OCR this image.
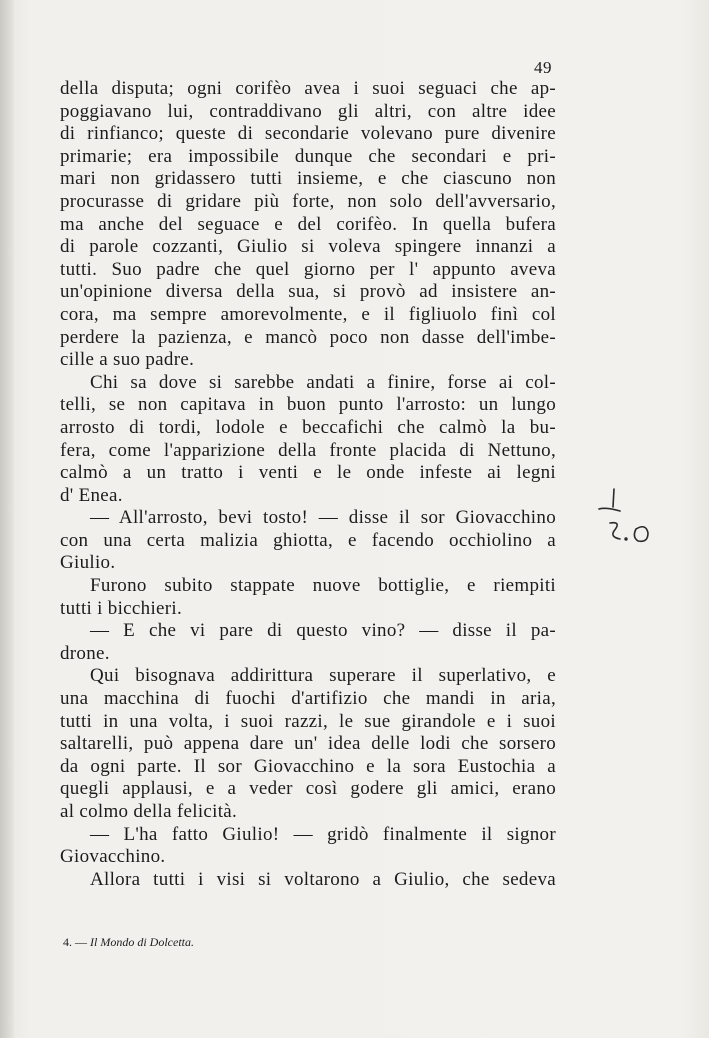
49
della disputa; ogni corifèo avea i suoi seguaci che ap-
poggiavano lui, contraddivano gli altri, con altre idee
di rinfianco; queste di secondarie volevano pure divenire
primarie; era impossibile dunque che secondari e pri-
mari non gridassero tutti insieme, e che ciascuno non
procurasse di gridare più forte, non solo dell'avversario,
ma anche del seguace e del corifèo. In quella bufera
di parole cozzanti, Giulio si voleva spingere innanzi a
tutti. Suo padre che quel giorno per l' appunto aveva
un'opinione diversa della sua, si provò ad insistere an-
cora, ma sempre amorevolmente, e il figliuolo finì col
perdere la pazienza, e mancò poco non dasse dell'imbe-
cille a suo padre.
Chi sa dove si sarebbe andati a finire, forse ai col-
telli, se non capitava in buon punto l'arrosto: un lungo
arrosto di tordi, lodole e beccafichi che calmò la bu-
fera, come l'apparizione della fronte placida di Nettuno,
calmò a un tratto i venti e le onde infeste ai legni
d' Enea.
— All'arrosto, bevi tosto! — disse il sor Giovacchino
con una certa malizia ghiotta, e facendo occhiolino a
Giulio.
Furono subito stappate nuove bottiglie, e riempiti
tutti i bicchieri.
— E che vi pare di questo vino? — disse il pa-
drone.
Qui bisognava addirittura superare il superlativo, e
una macchina di fuochi d'artifizio che mandi in aria,
tutti in una volta, i suoi razzi, le sue girandole e i suoi
saltarelli, può appena dare un' idea delle lodi che sorsero
da ogni parte. Il sor Giovacchino e la sora Eustochia a
quegli applausi, e a veder così godere gli amici, erano
al colmo della felicità.
— L'ha fatto Giulio! — gridò finalmente il signor
Giovacchino.
Allora tutti i visi si voltarono a Giulio, che sedeva
4. — Il Mondo di Dolcetta.
